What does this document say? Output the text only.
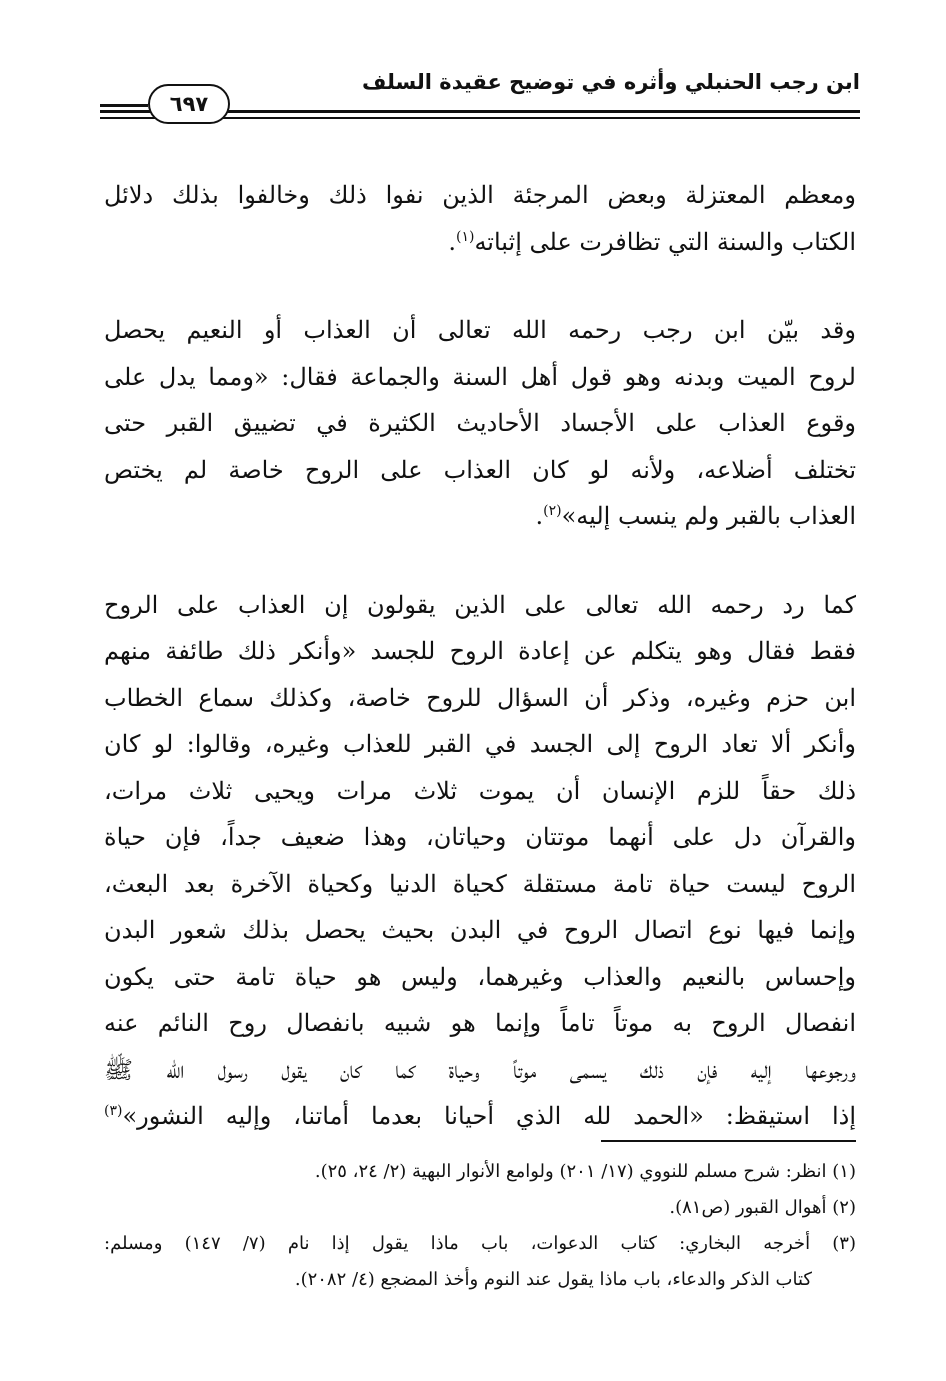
ابن رجب الحنبلي وأثره في توضيح عقيدة السلف
٦٩٧

ومعظم المعتزلة وبعض المرجئة الذين نفوا ذلك وخالفوا بذلك دلائل
الكتاب والسنة التي تظافرت على إثباته$^{(١)}$.

وقد بيّن ابن رجب رحمه الله تعالى أن العذاب أو النعيم يحصل
لروح الميت وبدنه وهو قول أهل السنة والجماعة فقال: «ومما يدل على
وقوع العذاب على الأجساد الأحاديث الكثيرة في تضييق القبر حتى
تختلف أضلاعه، ولأنه لو كان العذاب على الروح خاصة لم يختص
العذاب بالقبر ولم ينسب إليه»$^{(٢)}$.

كما رد رحمه الله تعالى على الذين يقولون إن العذاب على الروح
فقط فقال وهو يتكلم عن إعادة الروح للجسد «وأنكر ذلك طائفة منهم
ابن حزم وغيره، وذكر أن السؤال للروح خاصة، وكذلك سماع الخطاب
وأنكر ألا تعاد الروح إلى الجسد في القبر للعذاب وغيره، وقالوا: لو كان
ذلك حقاً للزم الإنسان أن يموت ثلاث مرات ويحيى ثلاث مرات،
والقرآن دل على أنهما موتتان وحياتان، وهذا ضعيف جداً، فإن حياة
الروح ليست حياة تامة مستقلة كحياة الدنيا وكحياة الآخرة بعد البعث،
وإنما فيها نوع اتصال الروح في البدن بحيث يحصل بذلك شعور البدن
وإحساس بالنعيم والعذاب وغيرهما، وليس هو حياة تامة حتى يكون
انفصال الروح به موتاً تاماً وإنما هو شبيه بانفصال روح النائم عنه
ورجوعها إليه فإن ذلك يسمى موتاً وحياة كما كان يقول رسول الله ﷺ
إذا استيقظ: «الحمد لله الذي أحيانا بعدما أماتنا، وإليه النشور»$^{(٣)}$

(١) انظر: شرح مسلم للنووي (١٧/ ٢٠١) ولوامع الأنوار البهية (٢/ ٢٤، ٢٥).
(٢) أهوال القبور (ص٨١).
(٣) أخرجه البخاري: كتاب الدعوات، باب ماذا يقول إذا نام (٧/ ١٤٧) ومسلم:
كتاب الذكر والدعاء، باب ماذا يقول عند النوم وأخذ المضجع (٤/ ٢٠٨٢).
